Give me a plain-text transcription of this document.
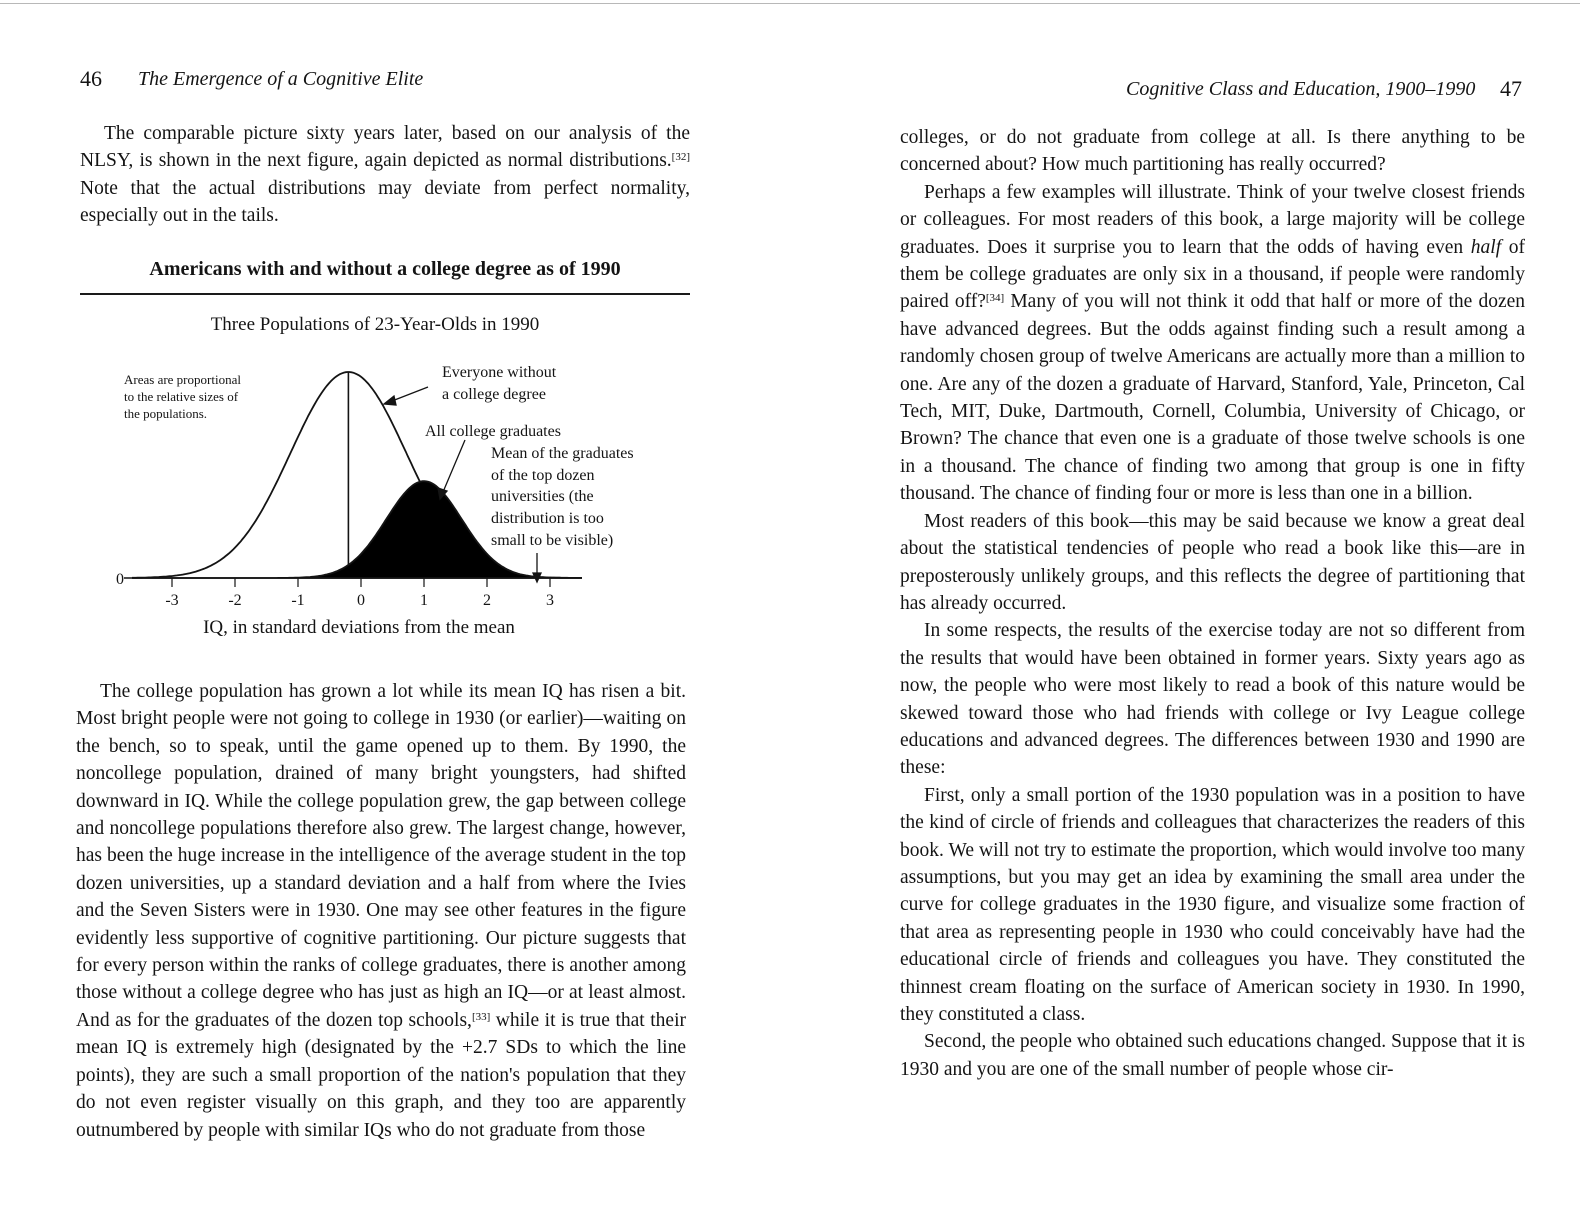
46 The Emergence of a Cognitive Elite

The comparable picture sixty years later, based on our analysis of the NLSY, is shown in the next figure, again depicted as normal distributions.[32] Note that the actual distributions may deviate from perfect normality, especially out in the tails.

Americans with and without a college degree as of 1990
Three Populations of 23-Year-Olds in 1990
Areas are proportional
to the relative sizes of
the populations.
-3	-2	-1	0	1	2	3
0
Everyone without
a college degree
All college graduates
Mean of the graduates
of the top dozen
universities (the
distribution is too
small to be visible)
IQ, in standard deviations from the mean

The college population has grown a lot while its mean IQ has risen a bit. Most bright people were not going to college in 1930 (or earlier)—waiting on the bench, so to speak, until the game opened up to them. By 1990, the noncollege population, drained of many bright youngsters, had shifted downward in IQ. While the college population grew, the gap between college and noncollege populations therefore also grew. The largest change, however, has been the huge increase in the intelligence of the average student in the top dozen universities, up a standard deviation and a half from where the Ivies and the Seven Sisters were in 1930. One may see other features in the figure evidently less supportive of cognitive partitioning. Our picture suggests that for every person within the ranks of college graduates, there is another among those without a college degree who has just as high an IQ—or at least almost. And as for the graduates of the dozen top schools,[33] while it is true that their mean IQ is extremely high (designated by the +2.7 SDs to which the line points), they are such a small proportion of the nation's population that they do not even register visually on this graph, and they too are apparently outnumbered by people with similar IQs who do not graduate from those

Cognitive Class and Education, 1900–1990 47

colleges, or do not graduate from college at all. Is there anything to be concerned about? How much partitioning has really occurred?

Perhaps a few examples will illustrate. Think of your twelve closest friends or colleagues. For most readers of this book, a large majority will be college graduates. Does it surprise you to learn that the odds of having even half of them be college graduates are only six in a thousand, if people were randomly paired off?[34] Many of you will not think it odd that half or more of the dozen have advanced degrees. But the odds against finding such a result among a randomly chosen group of twelve Americans are actually more than a million to one. Are any of the dozen a graduate of Harvard, Stanford, Yale, Princeton, Cal Tech, MIT, Duke, Dartmouth, Cornell, Columbia, University of Chicago, or Brown? The chance that even one is a graduate of those twelve schools is one in a thousand. The chance of finding two among that group is one in fifty thousand. The chance of finding four or more is less than one in a billion.

Most readers of this book—this may be said because we know a great deal about the statistical tendencies of people who read a book like this—are in preposterously unlikely groups, and this reflects the degree of partitioning that has already occurred.

In some respects, the results of the exercise today are not so different from the results that would have been obtained in former years. Sixty years ago as now, the people who were most likely to read a book of this nature would be skewed toward those who had friends with college or Ivy League college educations and advanced degrees. The differences between 1930 and 1990 are these:

First, only a small portion of the 1930 population was in a position to have the kind of circle of friends and colleagues that characterizes the readers of this book. We will not try to estimate the proportion, which would involve too many assumptions, but you may get an idea by examining the small area under the curve for college graduates in the 1930 figure, and visualize some fraction of that area as representing people in 1930 who could conceivably have had the educational circle of friends and colleagues you have. They constituted the thinnest cream floating on the surface of American society in 1930. In 1990, they constituted a class.

Second, the people who obtained such educations changed. Suppose that it is 1930 and you are one of the small number of people whose cir-
